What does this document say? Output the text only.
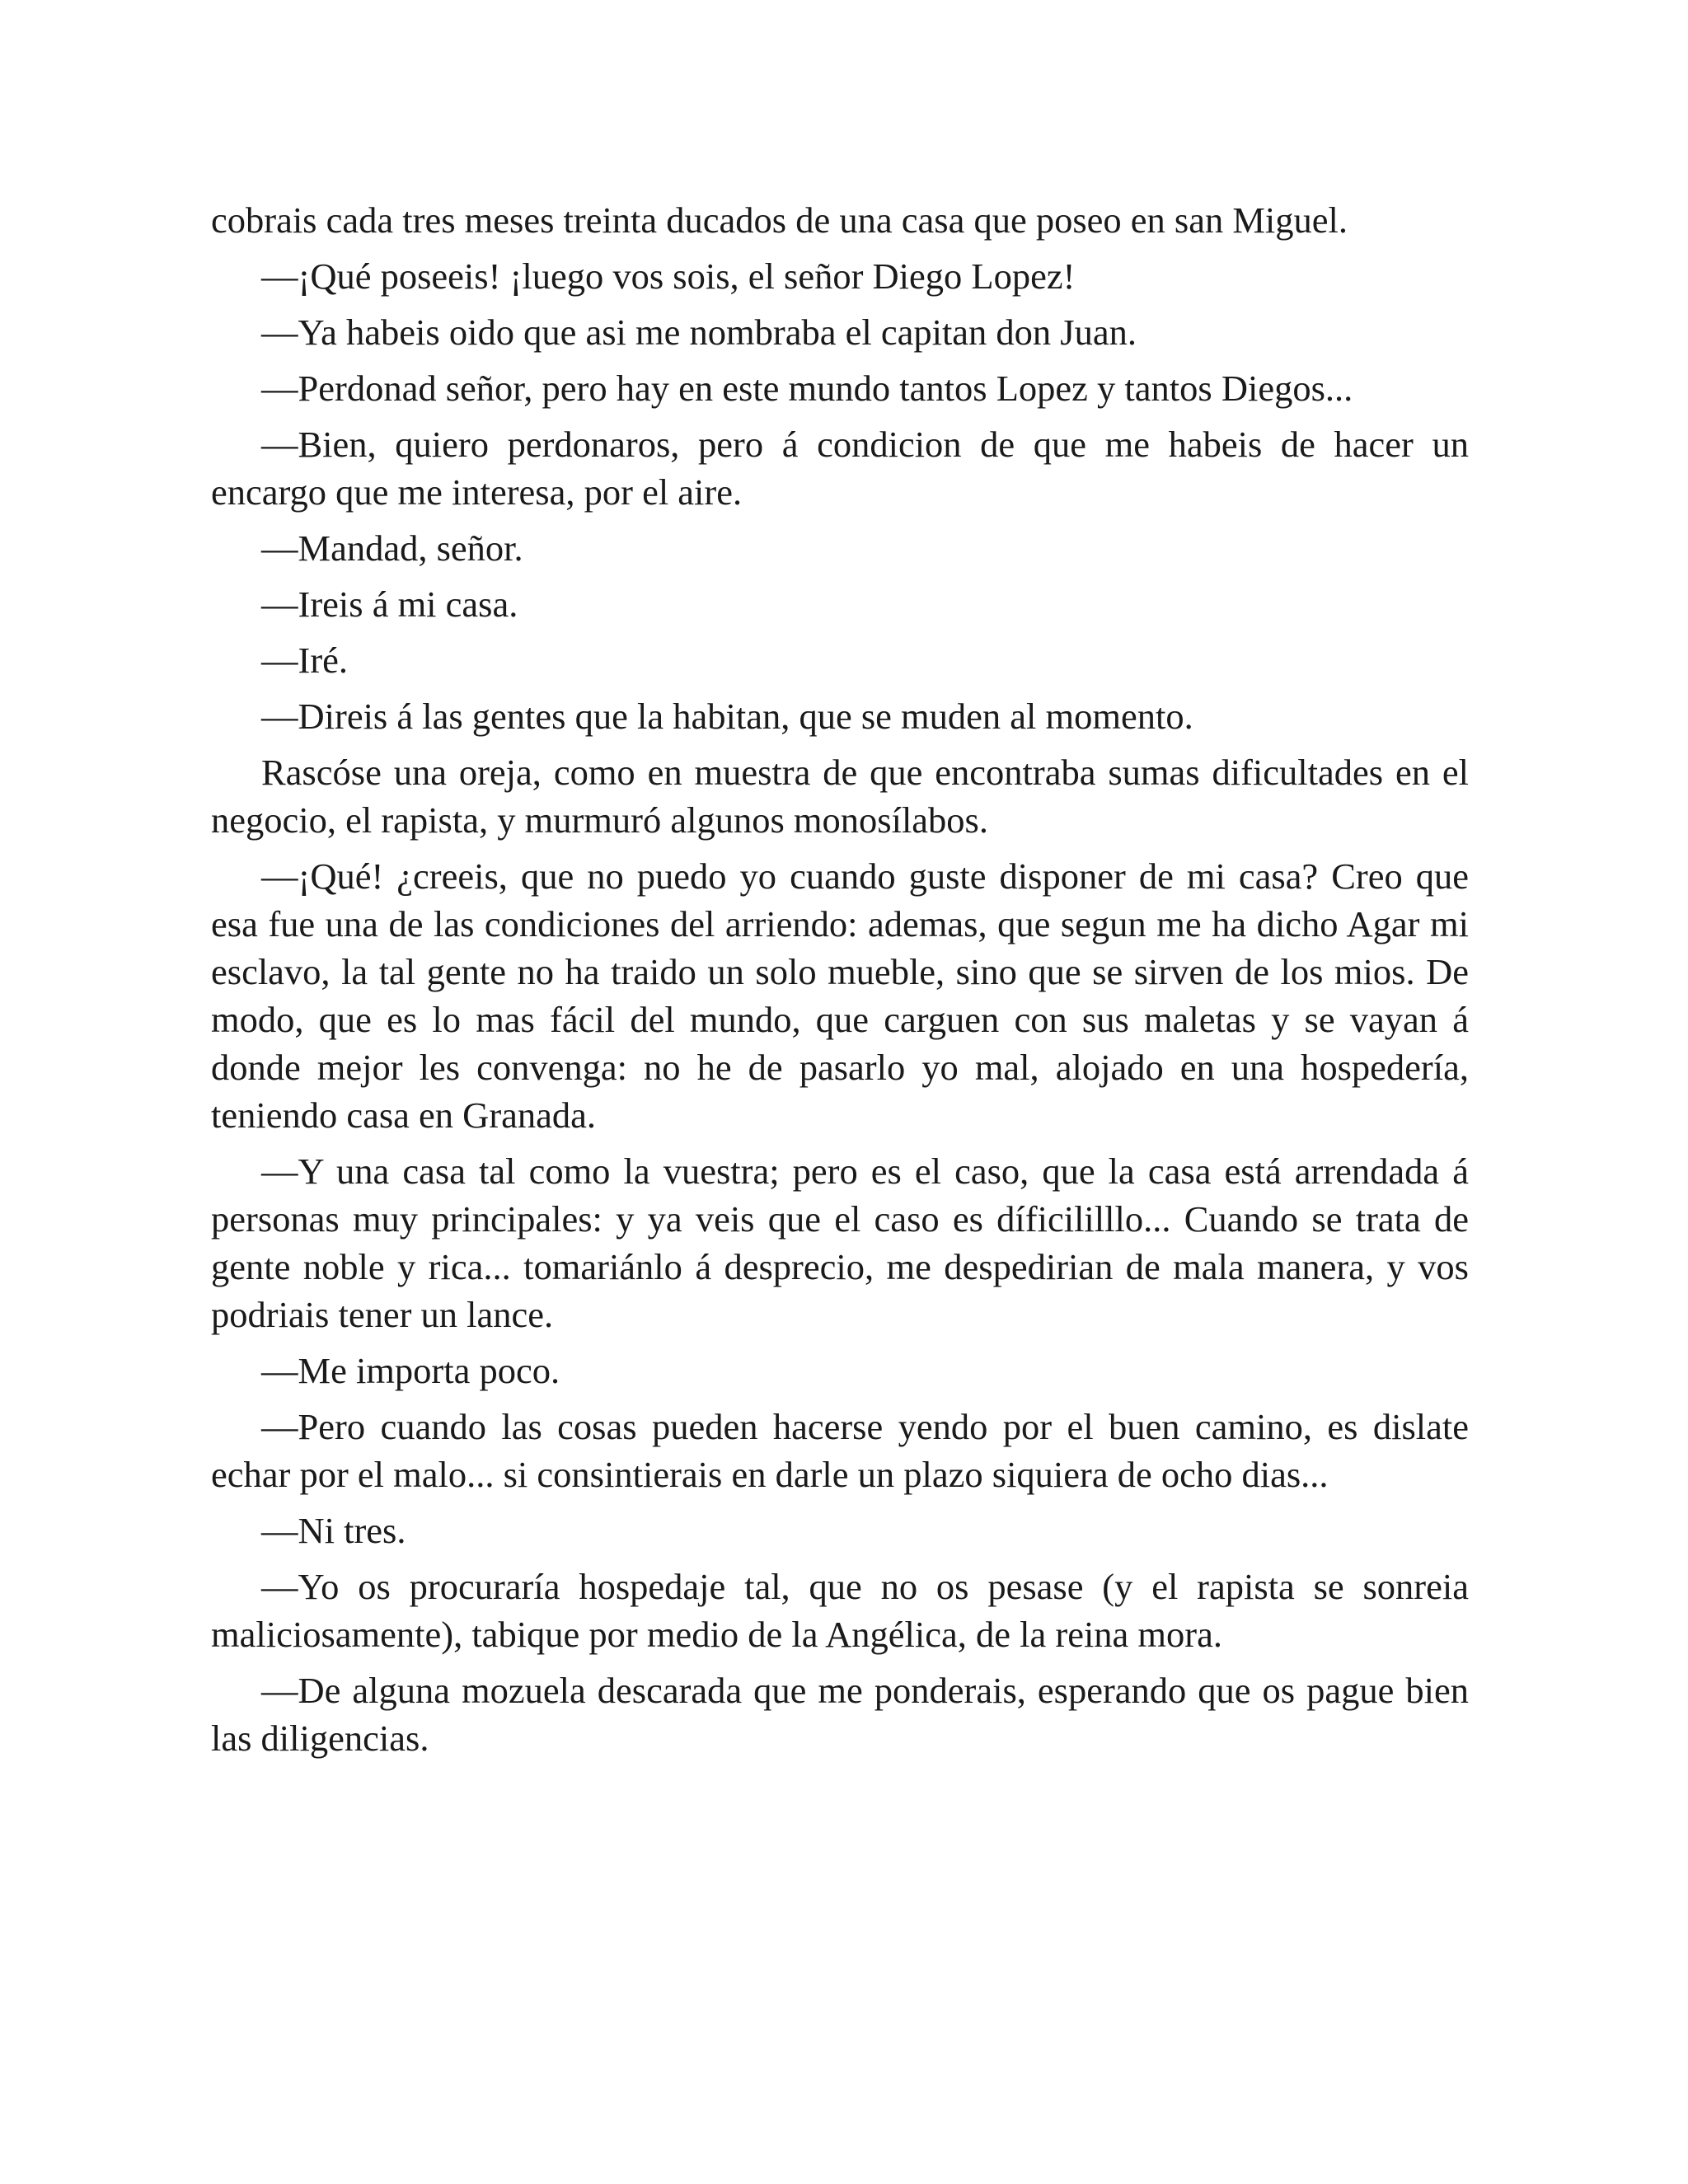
cobrais cada tres meses treinta ducados de una casa que poseo en san Miguel.

—¡Qué poseeis! ¡luego vos sois, el señor Diego Lopez!

—Ya habeis oido que asi me nombraba el capitan don Juan.

—Perdonad señor, pero hay en este mundo tantos Lopez y tantos Diegos...

—Bien, quiero perdonaros, pero á condicion de que me habeis de hacer un encargo que me interesa, por el aire.

—Mandad, señor.

—Ireis á mi casa.

—Iré.

—Direis á las gentes que la habitan, que se muden al momento.

Rascóse una oreja, como en muestra de que encontraba sumas dificultades en el negocio, el rapista, y murmuró algunos monosílabos.

—¡Qué! ¿creeis, que no puedo yo cuando guste disponer de mi casa? Creo que esa fue una de las condiciones del arriendo: ademas, que segun me ha dicho Agar mi esclavo, la tal gente no ha traido un solo mueble, sino que se sirven de los mios. De modo, que es lo mas fácil del mundo, que carguen con sus maletas y se vayan á donde mejor les convenga: no he de pasarlo yo mal, alojado en una hospedería, teniendo casa en Granada.

—Y una casa tal como la vuestra; pero es el caso, que la casa está arrendada á personas muy principales: y ya veis que el caso es díficililllo... Cuando se trata de gente noble y rica... tomariánlo á desprecio, me despedirian de mala manera, y vos podriais tener un lance.

—Me importa poco.

—Pero cuando las cosas pueden hacerse yendo por el buen camino, es dislate echar por el malo... si consintierais en darle un plazo siquiera de ocho dias...

—Ni tres.

—Yo os procuraría hospedaje tal, que no os pesase (y el rapista se sonreia maliciosamente), tabique por medio de la Angélica, de la reina mora.

—De alguna mozuela descarada que me ponderais, esperando que os pague bien las diligencias.
